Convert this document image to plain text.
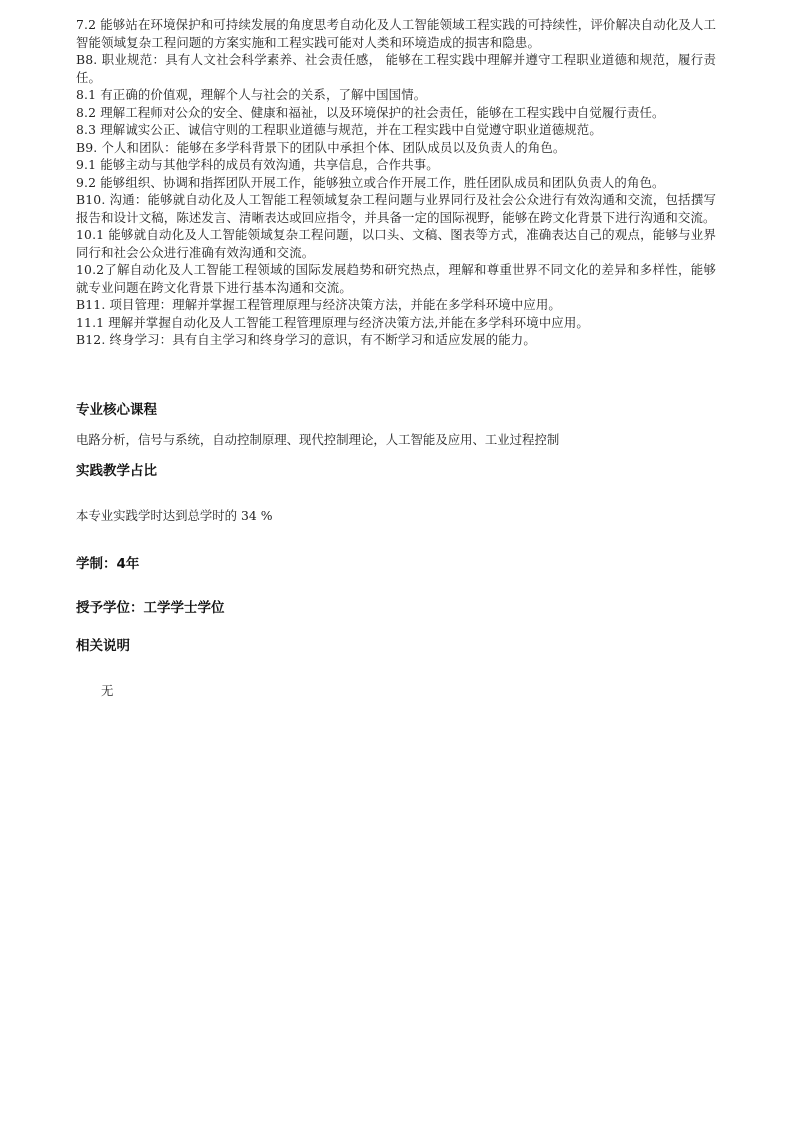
7.2 能够站在环境保护和可持续发展的角度思考自动化及人工智能领域工程实践的可持续性，评价解决自动化及人工智能领域复杂工程问题的方案实施和工程实践可能对人类和环境造成的损害和隐患。
B8. 职业规范：具有人文社会科学素养、社会责任感， 能够在工程实践中理解并遵守工程职业道德和规范，履行责任。
8.1 有正确的价值观，理解个人与社会的关系，了解中国国情。
8.2 理解工程师对公众的安全、健康和福祉，以及环境保护的社会责任，能够在工程实践中自觉履行责任。
8.3 理解诚实公正、诚信守则的工程职业道德与规范，并在工程实践中自觉遵守职业道德规范。
B9. 个人和团队：能够在多学科背景下的团队中承担个体、团队成员以及负责人的角色。
9.1 能够主动与其他学科的成员有效沟通，共享信息，合作共事。
9.2 能够组织、协调和指挥团队开展工作，能够独立或合作开展工作，胜任团队成员和团队负责人的角色。
B10. 沟通：能够就自动化及人工智能工程领域复杂工程问题与业界同行及社会公众进行有效沟通和交流，包括撰写报告和设计文稿，陈述发言、清晰表达或回应指令，并具备一定的国际视野，能够在跨文化背景下进行沟通和交流。
10.1 能够就自动化及人工智能领域复杂工程问题，以口头、文稿、图表等方式，准确表达自己的观点，能够与业界同行和社会公众进行准确有效沟通和交流。
10.2了解自动化及人工智能工程领域的国际发展趋势和研究热点，理解和尊重世界不同文化的差异和多样性，能够就专业问题在跨文化背景下进行基本沟通和交流。
B11. 项目管理：理解并掌握工程管理原理与经济决策方法，并能在多学科环境中应用。
11.1 理解并掌握自动化及人工智能工程管理原理与经济决策方法,并能在多学科环境中应用。
B12. 终身学习：具有自主学习和终身学习的意识，有不断学习和适应发展的能力。
专业核心课程
电路分析，信号与系统，自动控制原理、现代控制理论，人工智能及应用、工业过程控制
实践教学占比
本专业实践学时达到总学时的 34 %
学制：4年
授予学位：工学学士学位
相关说明
无
